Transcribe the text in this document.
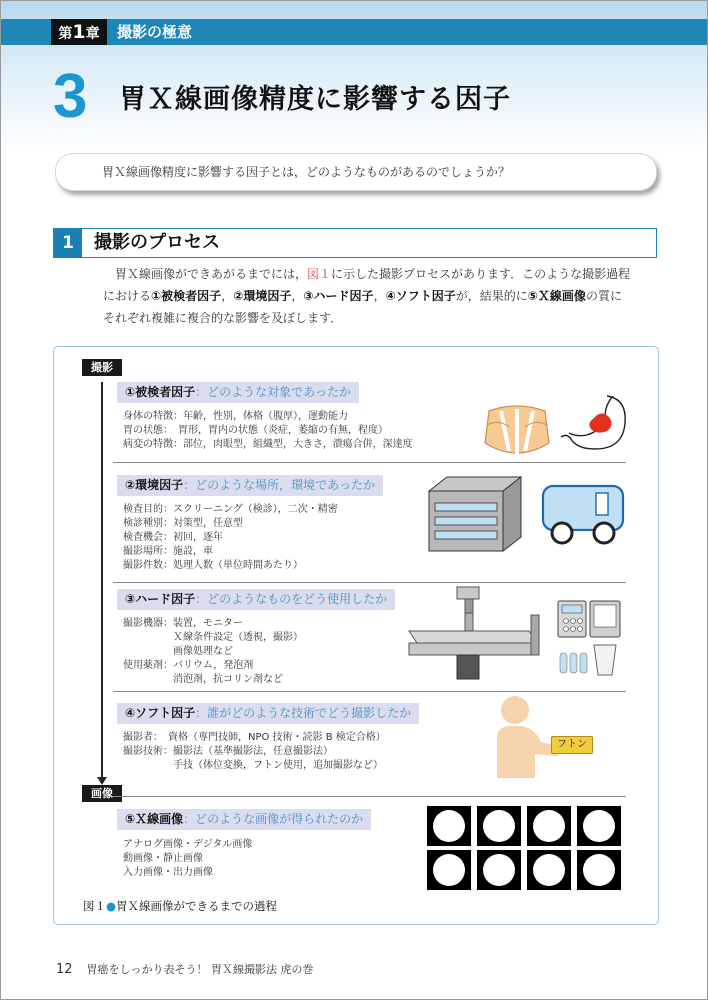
第1章	撮影の極意
3 胃Ｘ線画像精度に影響する因子
胃Ｘ線画像精度に影響する因子とは，どのようなものがあるのでしょうか？
1	撮影のプロセス
胃Ｘ線画像ができあがるまでには，図１に示した撮影プロセスがあります．このような撮影過程
における①被検者因子，②環境因子，③ハード因子，④ソフト因子が，結果的に⑤Ｘ線画像の質に
それぞれ複雑に複合的な影響を及ぼします．
撮影
画像
①被検者因子：どのような対象であったか
身体の特徴：年齢，性別，体格（腹厚），運動能力
胃の状態：　胃形，胃内の状態（炎症，萎縮の有無，程度）
病変の特徴：部位，肉眼型，組織型，大きさ，潰瘍合併，深達度
②環境因子：どのような場所，環境であったか
検査目的：スクリーニング（検診），二次・精密
検診種別：対策型，任意型
検査機会：初回，逐年
撮影場所：施設，車
撮影件数：処理人数（単位時間あたり）
③ハード因子：どのようなものをどう使用したか
撮影機器：装置，モニター
　　　　　Ｘ線条件設定（透視，撮影）
　　　　　画像処理など
使用薬剤：バリウム，発泡剤
　　　　　消泡剤，抗コリン剤など
④ソフト因子：誰がどのような技術でどう撮影したか
撮影者：　資格（専門技師，NPO 技術・読影 B 検定合格）
撮影技術：撮影法（基準撮影法，任意撮影法）
　　　　　手技（体位変換，フトン使用，追加撮影など）
フトン
⑤Ｘ線画像：どのような画像が得られたのか
アナログ画像・デジタル画像
動画像・静止画像
入力画像・出力画像
図１●胃Ｘ線画像ができるまでの過程
12 胃癌をしっかり表そう！ 胃Ｘ線撮影法 虎の巻
